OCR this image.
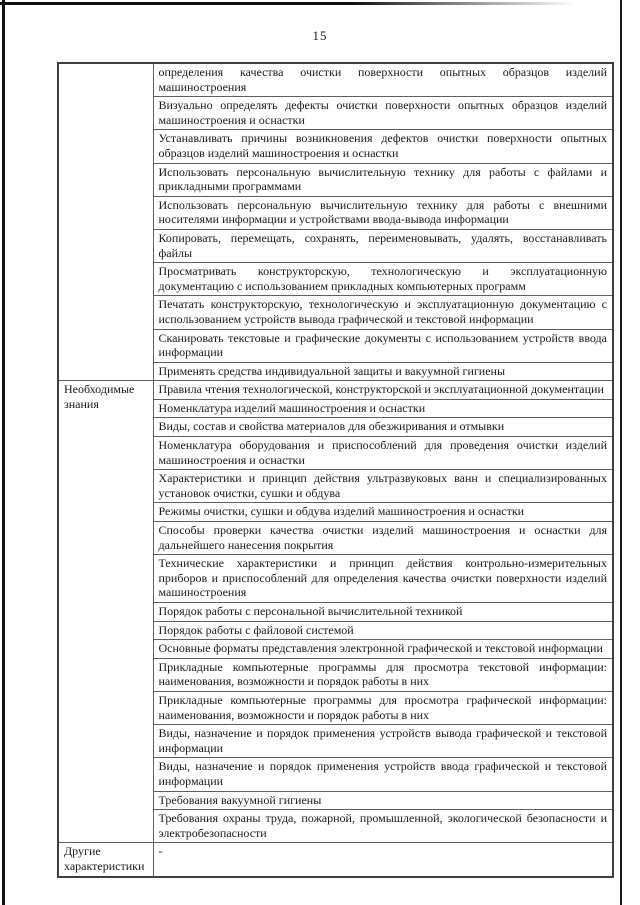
15
	определения качества очистки поверхности опытных образцов изделий машиностроения
	Визуально определять дефекты очистки поверхности опытных образцов изделий машиностроения и оснастки
	Устанавливать причины возникновения дефектов очистки поверхности опытных образцов изделий машиностроения и оснастки
	Использовать персональную вычислительную технику для работы с файлами и прикладными программами
	Использовать персональную вычислительную технику для работы с внешними носителями информации и устройствами ввода-вывода информации
	Копировать, перемещать, сохранять, переименовывать, удалять, восстанавливать файлы
	Просматривать конструкторскую, технологическую и эксплуатационную документацию с использованием прикладных компьютерных программ
	Печатать конструкторскую, технологическую и эксплуатационную документацию с использованием устройств вывода графической и текстовой информации
	Сканировать текстовые и графические документы с использованием устройств ввода информации
	Применять средства индивидуальной защиты и вакуумной гигиены
Необходимые знания	Правила чтения технологической, конструкторской и эксплуатационной документации
	Номенклатура изделий машиностроения и оснастки
	Виды, состав и свойства материалов для обезжиривания и отмывки
	Номенклатура оборудования и приспособлений для проведения очистки изделий машиностроения и оснастки
	Характеристики и принцип действия ультразвуковых ванн и специализированных установок очистки, сушки и обдува
	Режимы очистки, сушки и обдува изделий машиностроения и оснастки
	Способы проверки качества очистки изделий машиностроения и оснастки для дальнейшего нанесения покрытия
	Технические характеристики и принцип действия контрольно-измерительных приборов и приспособлений для определения качества очистки поверхности изделий машиностроения
	Порядок работы с персональной вычислительной техникой
	Порядок работы с файловой системой
	Основные форматы представления электронной графической и текстовой информации
	Прикладные компьютерные программы для просмотра текстовой информации: наименования, возможности и порядок работы в них
	Прикладные компьютерные программы для просмотра графической информации: наименования, возможности и порядок работы в них
	Виды, назначение и порядок применения устройств вывода графической и текстовой информации
	Виды, назначение и порядок применения устройств ввода графической и текстовой информации
	Требования вакуумной гигиены
	Требования охраны труда, пожарной, промышленной, экологической безопасности и электробезопасности
Другие характеристики	-
